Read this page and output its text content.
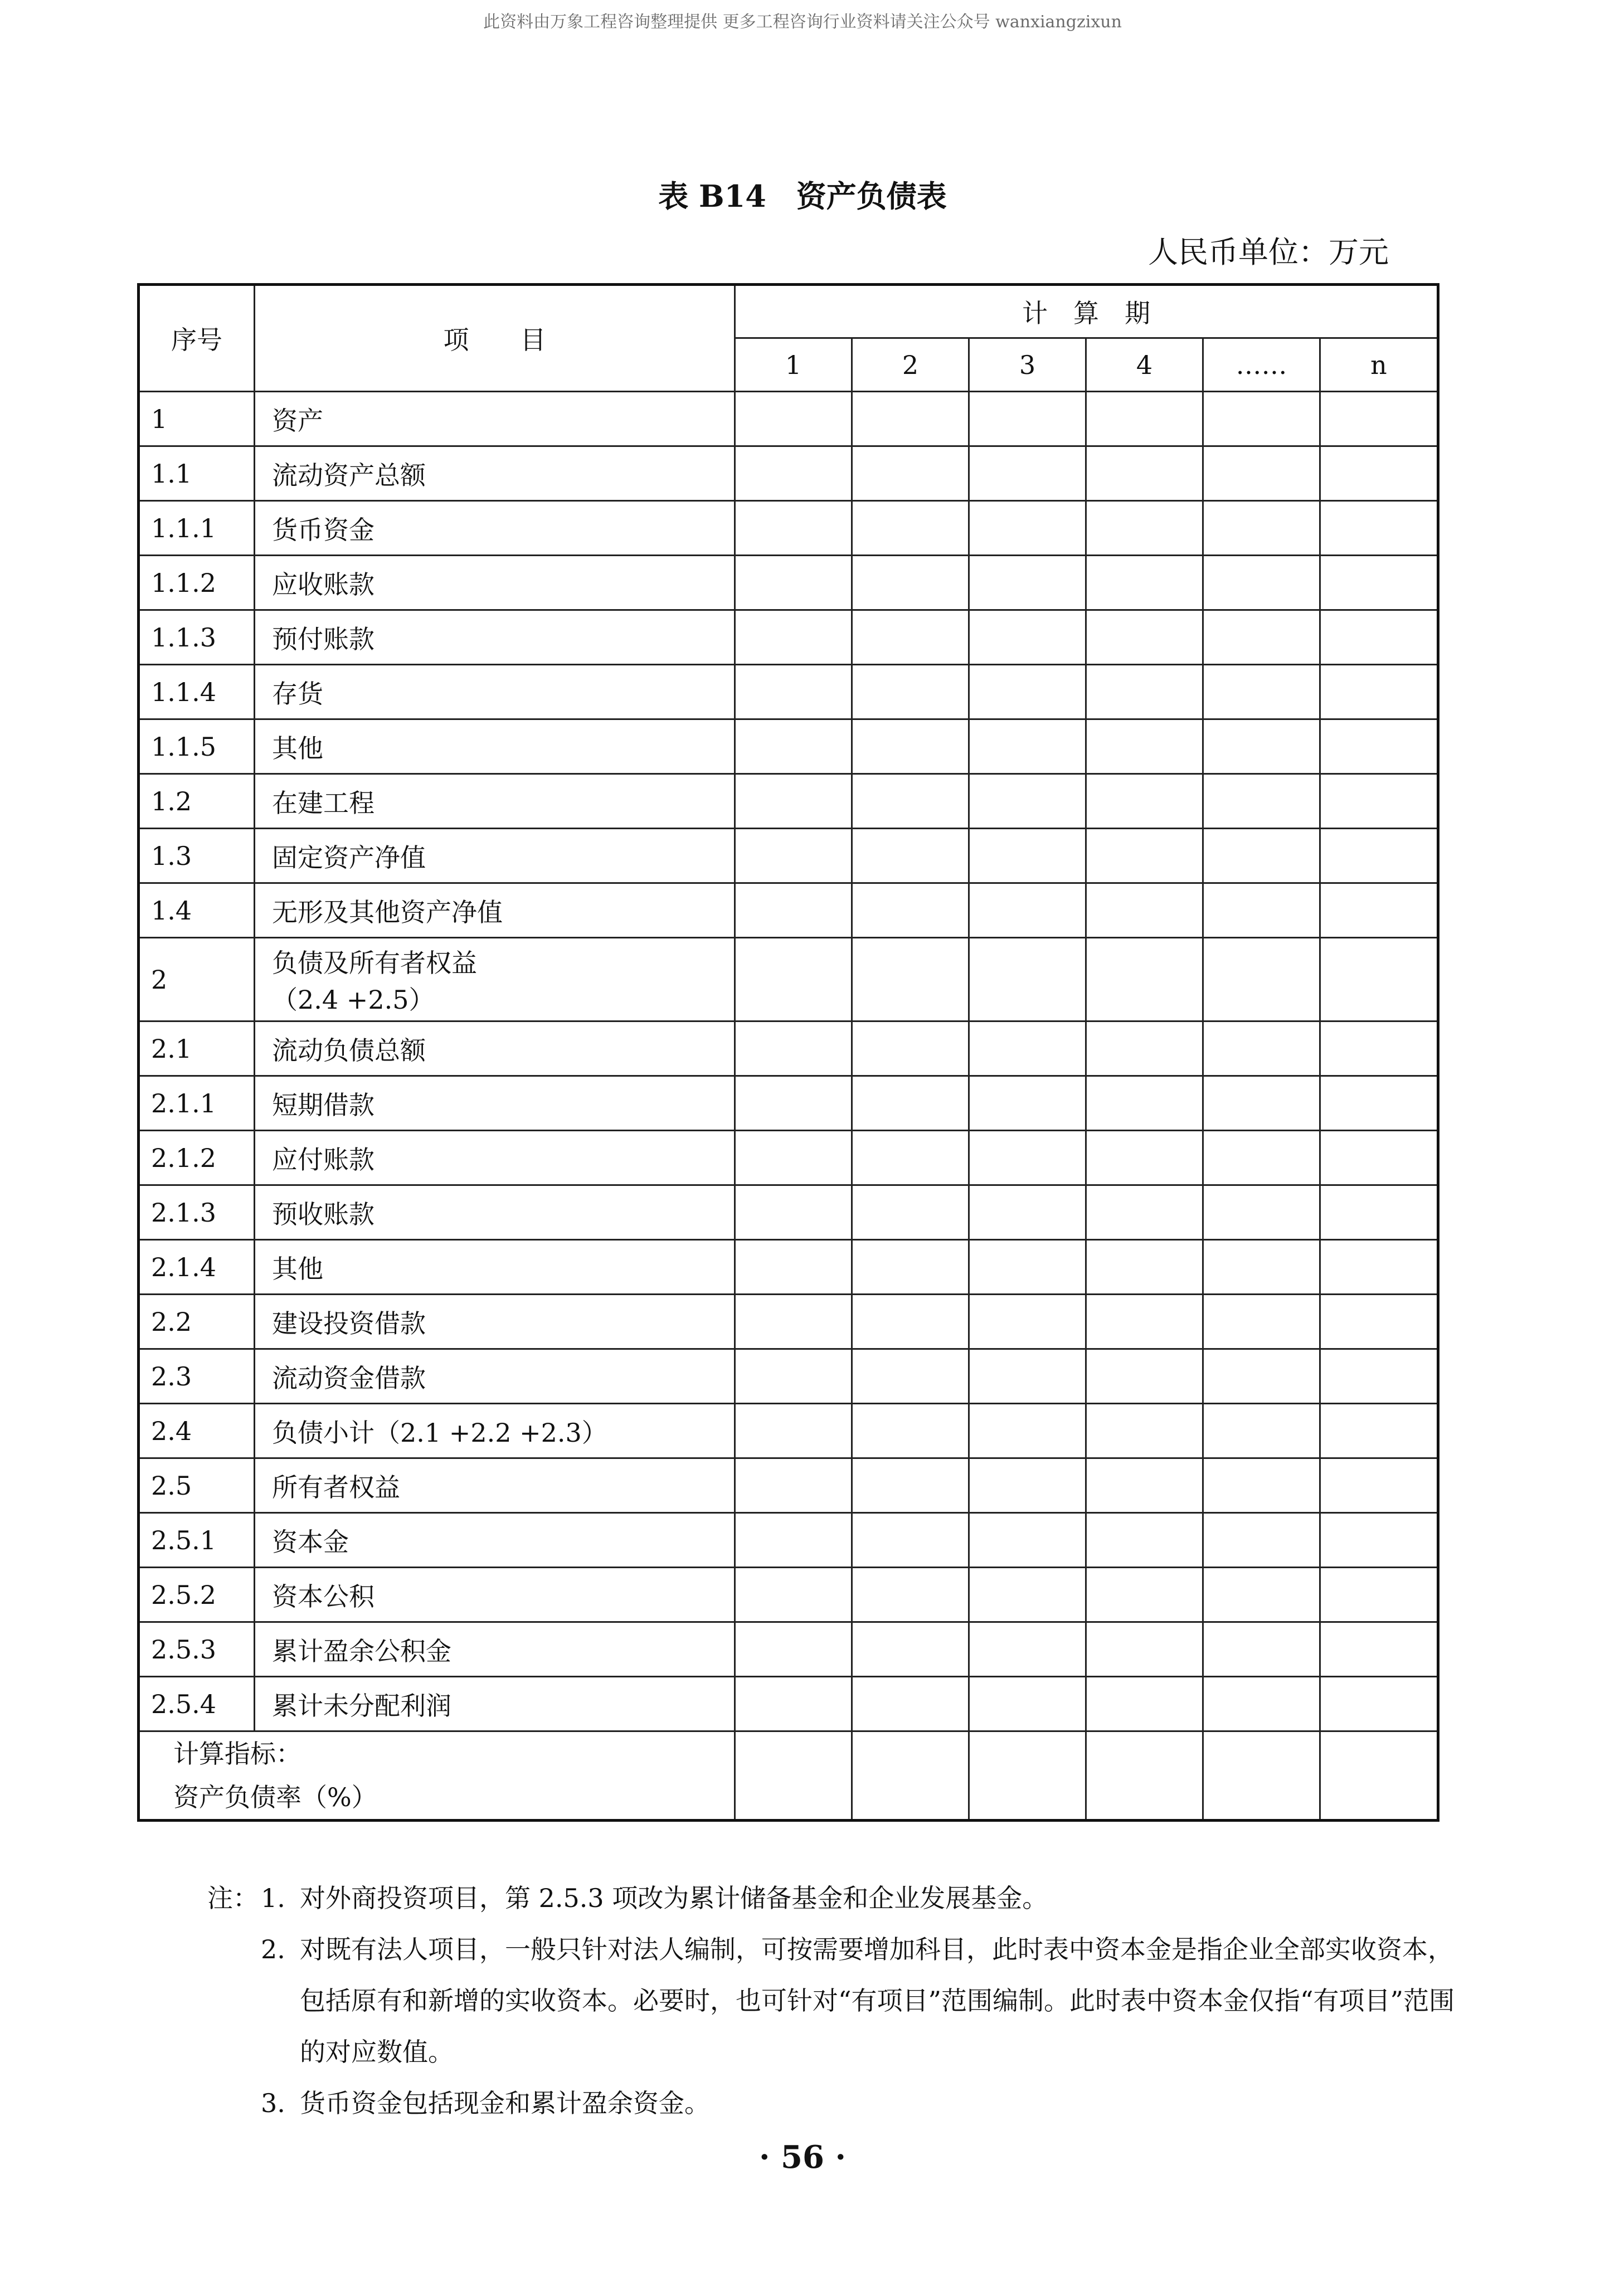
此资料由万象工程咨询整理提供 更多工程咨询行业资料请关注公众号 wanxiangzixun
表 B14　资产负债表
人民币单位：万元
序号	项　　目	计　算　期					
		1	2	3	4	……	n
1	资产						
1.1	流动资产总额						
1.1.1	货币资金						
1.1.2	应收账款						
1.1.3	预付账款						
1.1.4	存货						
1.1.5	其他						
1.2	在建工程						
1.3	固定资产净值						
1.4	无形及其他资产净值						
2	负债及所有者权益
（2.4 +2.5）						

2.1	流动负债总额						
2.1.1	短期借款						
2.1.2	应付账款						
2.1.3	预收账款						
2.1.4	其他						
2.2	建设投资借款						
2.3	流动资金借款						
2.4	负债小计（2.1 +2.2 +2.3）						
2.5	所有者权益						
2.5.1	资本金						
2.5.2	资本公积						
2.5.3	累计盈余公积金						
2.5.4	累计未分配利润						

计算指标：
资产负债率（%）							

注： 1. 对外商投资项目，第 2.5.3 项改为累计储备基金和企业发展基金。
2. 对既有法人项目，一般只针对法人编制，可按需要增加科目，此时表中资本金是指企业全部实收资本，包括原有和新增的实收资本。必要时，也可针对“有项目”范围编制。此时表中资本金仅指“有项目”范围的对应数值。
3. 货币资金包括现金和累计盈余资金。
· 56 ·
